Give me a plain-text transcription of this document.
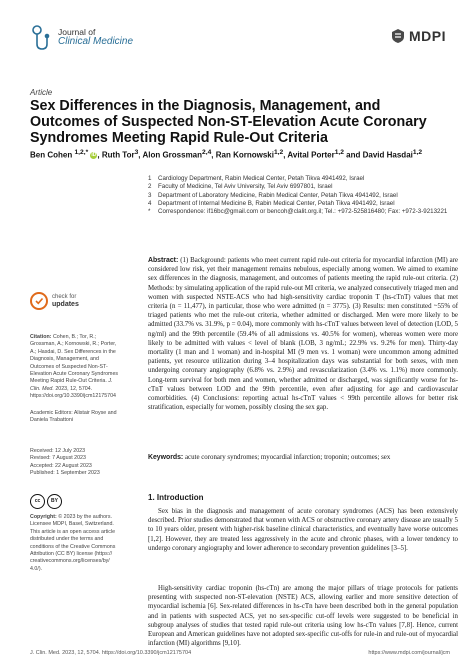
Journal of
Clinical Medicine	MDPI
Article
Sex Differences in the Diagnosis, Management, and Outcomes of Suspected Non-ST-Elevation Acute Coronary Syndromes Meeting Rapid Rule-Out Criteria
Ben Cohen $^{1,2,*}$ iD, Ruth Tor$^3$, Alon Grossman$^{2,4}$, Ran Kornowski$^{1,2}$, Avital Porter$^{1,2}$ and David Hasdai$^{1,2}$
1	Cardiology Department, Rabin Medical Center, Petah Tikva 4941492, Israel
2	Faculty of Medicine, Tel Aviv University, Tel Aviv 6997801, Israel
3	Department of Laboratory Medicine, Rabin Medical Center, Petah Tikva 4941492, Israel
4	Department of Internal Medicine B, Rabin Medical Center, Petah Tikva 4941492, Israel
*	Correspondence: if16bc@gmail.com or bencoh@clalit.org.il; Tel.: +972-525816480; Fax: +972-3-9213221
check for
updates
Citation: Cohen, B.; Tor, R.; Grossman, A.; Kornowski, R.; Porter, A.; Hasdai, D. Sex Differences in the Diagnosis, Management, and Outcomes of Suspected Non-ST-Elevation Acute Coronary Syndromes Meeting Rapid Rule-Out Criteria. J. Clin. Med. 2023, 12, 5704. https://doi.org/10.3390/jcm12175704
Academic Editors: Alistair Royse and Daniela Trabattoni
Received: 12 July 2023
Revised: 7 August 2023
Accepted: 22 August 2023
Published: 1 September 2023
cc	BY
Copyright: © 2023 by the authors. Licensee MDPI, Basel, Switzerland. This article is an open access article distributed under the terms and conditions of the Creative Commons Attribution (CC BY) license (https:// creativecommons.org/licenses/by/ 4.0/).
Abstract: (1) Background: patients who meet current rapid rule-out criteria for myocardial infarction (MI) are considered low risk, yet their management remains nebulous, especially among women. We aimed to examine sex differences in the diagnosis, management, and outcomes of patients meeting the rapid rule-out criteria. (2) Methods: by simulating application of the rapid rule-out MI criteria, we analyzed consecutively triaged men and women with suspected NSTE-ACS who had high-sensitivity cardiac troponin T (hs-cTnT) values that met criteria (n = 11,477), in particular, those who were admitted (n = 3775). (3) Results: men constituted ~55% of triaged patients who met the rule-out criteria, whether admitted or discharged. Men were more likely to be admitted (33.7% vs. 31.9%, p = 0.04), more commonly with hs-cTnT values between level of detection (LOD, 5 ng/ml) and the 99th percentile (59.4% of all admissions vs. 40.5% for women), whereas women were more likely to be admitted with values < level of blank (LOB, 3 ng/mL; 22.9% vs. 9.2% for men). Thirty-day mortality (1 man and 1 woman) and in-hospital MI (9 men vs. 1 woman) were uncommon among admitted patients, yet resource utilization during 3–4 hospitalization days was substantial for both sexes, with men undergoing coronary angiography (6.8% vs. 2.9%) and revascularization (3.4% vs. 1.1%) more commonly. Long-term survival for both men and women, whether admitted or discharged, was significantly worse for hs-cTnT values between LOD and the 99th percentile, even after adjusting for age and cardiovascular comorbidities. (4) Conclusions: reporting actual hs-cTnT values < 99th percentile allows for better risk stratification, especially for women, possibly closing the sex gap.
Keywords: acute coronary syndromes; myocardial infarction; troponin; outcomes; sex
1. Introduction
Sex bias in the diagnosis and management of acute coronary syndromes (ACS) has been extensively described. Prior studies demonstrated that women with ACS or obstructive coronary artery disease are usually 5 to 10 years older, present with higher-risk baseline clinical characteristics, and eventually have worse outcomes [1,2]. However, they are treated less aggressively in the acute and chronic phases, with a lower tendency to undergo coronary angiography and lower adherence to secondary prevention guidelines [3–5].
High-sensitivity cardiac troponin (hs-cTn) are among the major pillars of triage protocols for patients presenting with suspected non-ST-elevation (NSTE) ACS, allowing earlier and more sensitive detection of myocardial ischemia [6]. Sex-related differences in hs-cTn have been described both in the general population and in patients with suspected ACS, yet no sex-specific cut-off levels were suggested to be beneficial in subgroup analyses of studies that tested rapid rule-out criteria using low hs-cTn values [7,8]. Hence, current European and American guidelines have not adopted sex-specific cut-offs for rule-in and rule-out of myocardial infarction (MI) algorithms [9,10].
J. Clin. Med. 2023, 12, 5704. https://doi.org/10.3390/jcm12175704	https://www.mdpi.com/journal/jcm
